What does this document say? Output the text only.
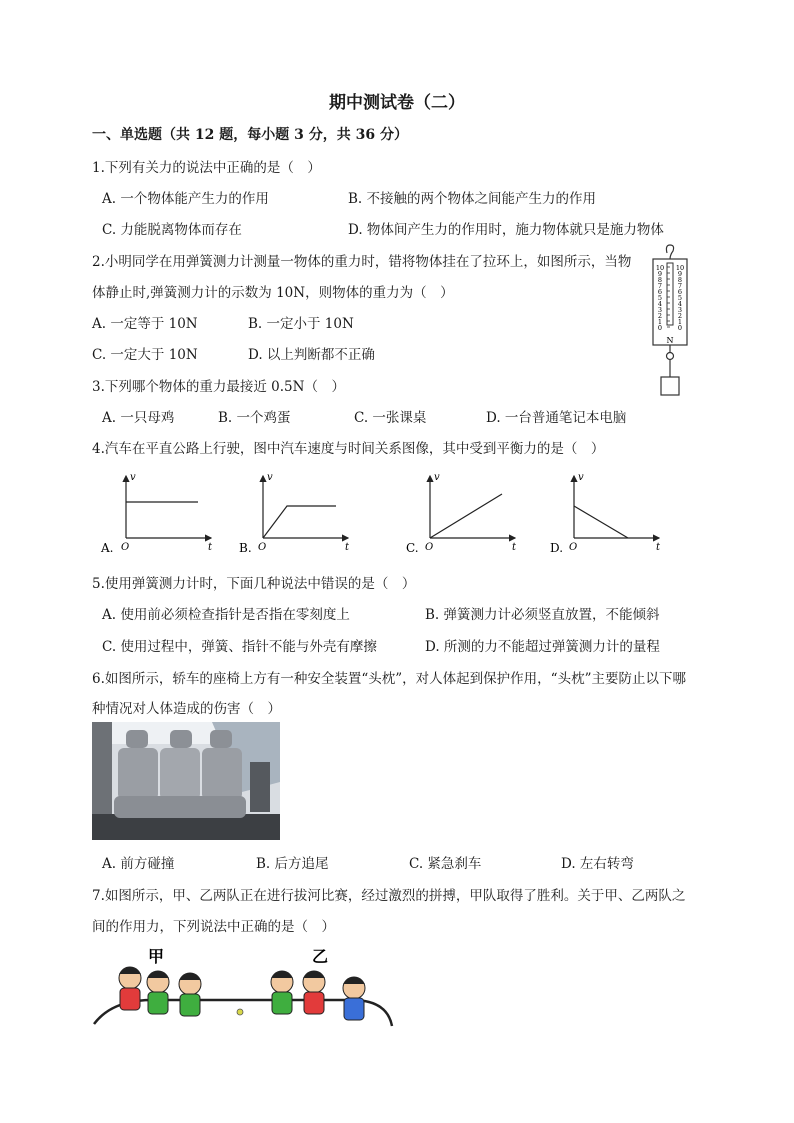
期中测试卷（二）
一、单选题（共 12 题，每小题 3 分，共 36 分）
1.下列有关力的说法中正确的是（　）
A. 一个物体能产生力的作用	B. 不接触的两个物体之间能产生力的作用
C. 力能脱离物体而存在	D. 物体间产生力的作用时，施力物体就只是施力物体
2.小明同学在用弹簧测力计测量一物体的重力时，错将物体挂在了拉环上，如图所示，当物
体静止时,弹簧测力计的示数为 10N，则物体的重力为（　）
A. 一定等于 10N	B. 一定小于 10N
C. 一定大于 10N	D. 以上判断都不正确
10 10
9 9
8 8
7 7
6 6
5 5
4 4
3 3
2 2
1 1
0 0
N
3.下列哪个物体的重力最接近 0.5N（　）
A. 一只母鸡	B. 一个鸡蛋	C. 一张课桌	D. 一台普通笔记本电脑
4.汽车在平直公路上行驶，图中汽车速度与时间关系图像，其中受到平衡力的是（　）
A.
v
t
O	B.
v
t
O	C.
v
t
O	D.
v
t
O
5.使用弹簧测力计时，下面几种说法中错误的是（　）
A. 使用前必须检查指针是否指在零刻度上	B. 弹簧测力计必须竖直放置，不能倾斜
C. 使用过程中，弹簧、指针不能与外壳有摩擦	D. 所测的力不能超过弹簧测力计的量程
6.如图所示，轿车的座椅上方有一种安全装置“头枕”，对人体起到保护作用，“头枕”主要防止以下哪
种情况对人体造成的伤害（　）
A. 前方碰撞	B. 后方追尾	C. 紧急刹车	D. 左右转弯
7.如图所示，甲、乙两队正在进行拔河比赛，经过激烈的拼搏，甲队取得了胜利。关于甲、乙两队之
间的作用力，下列说法中正确的是（　）
甲	乙
